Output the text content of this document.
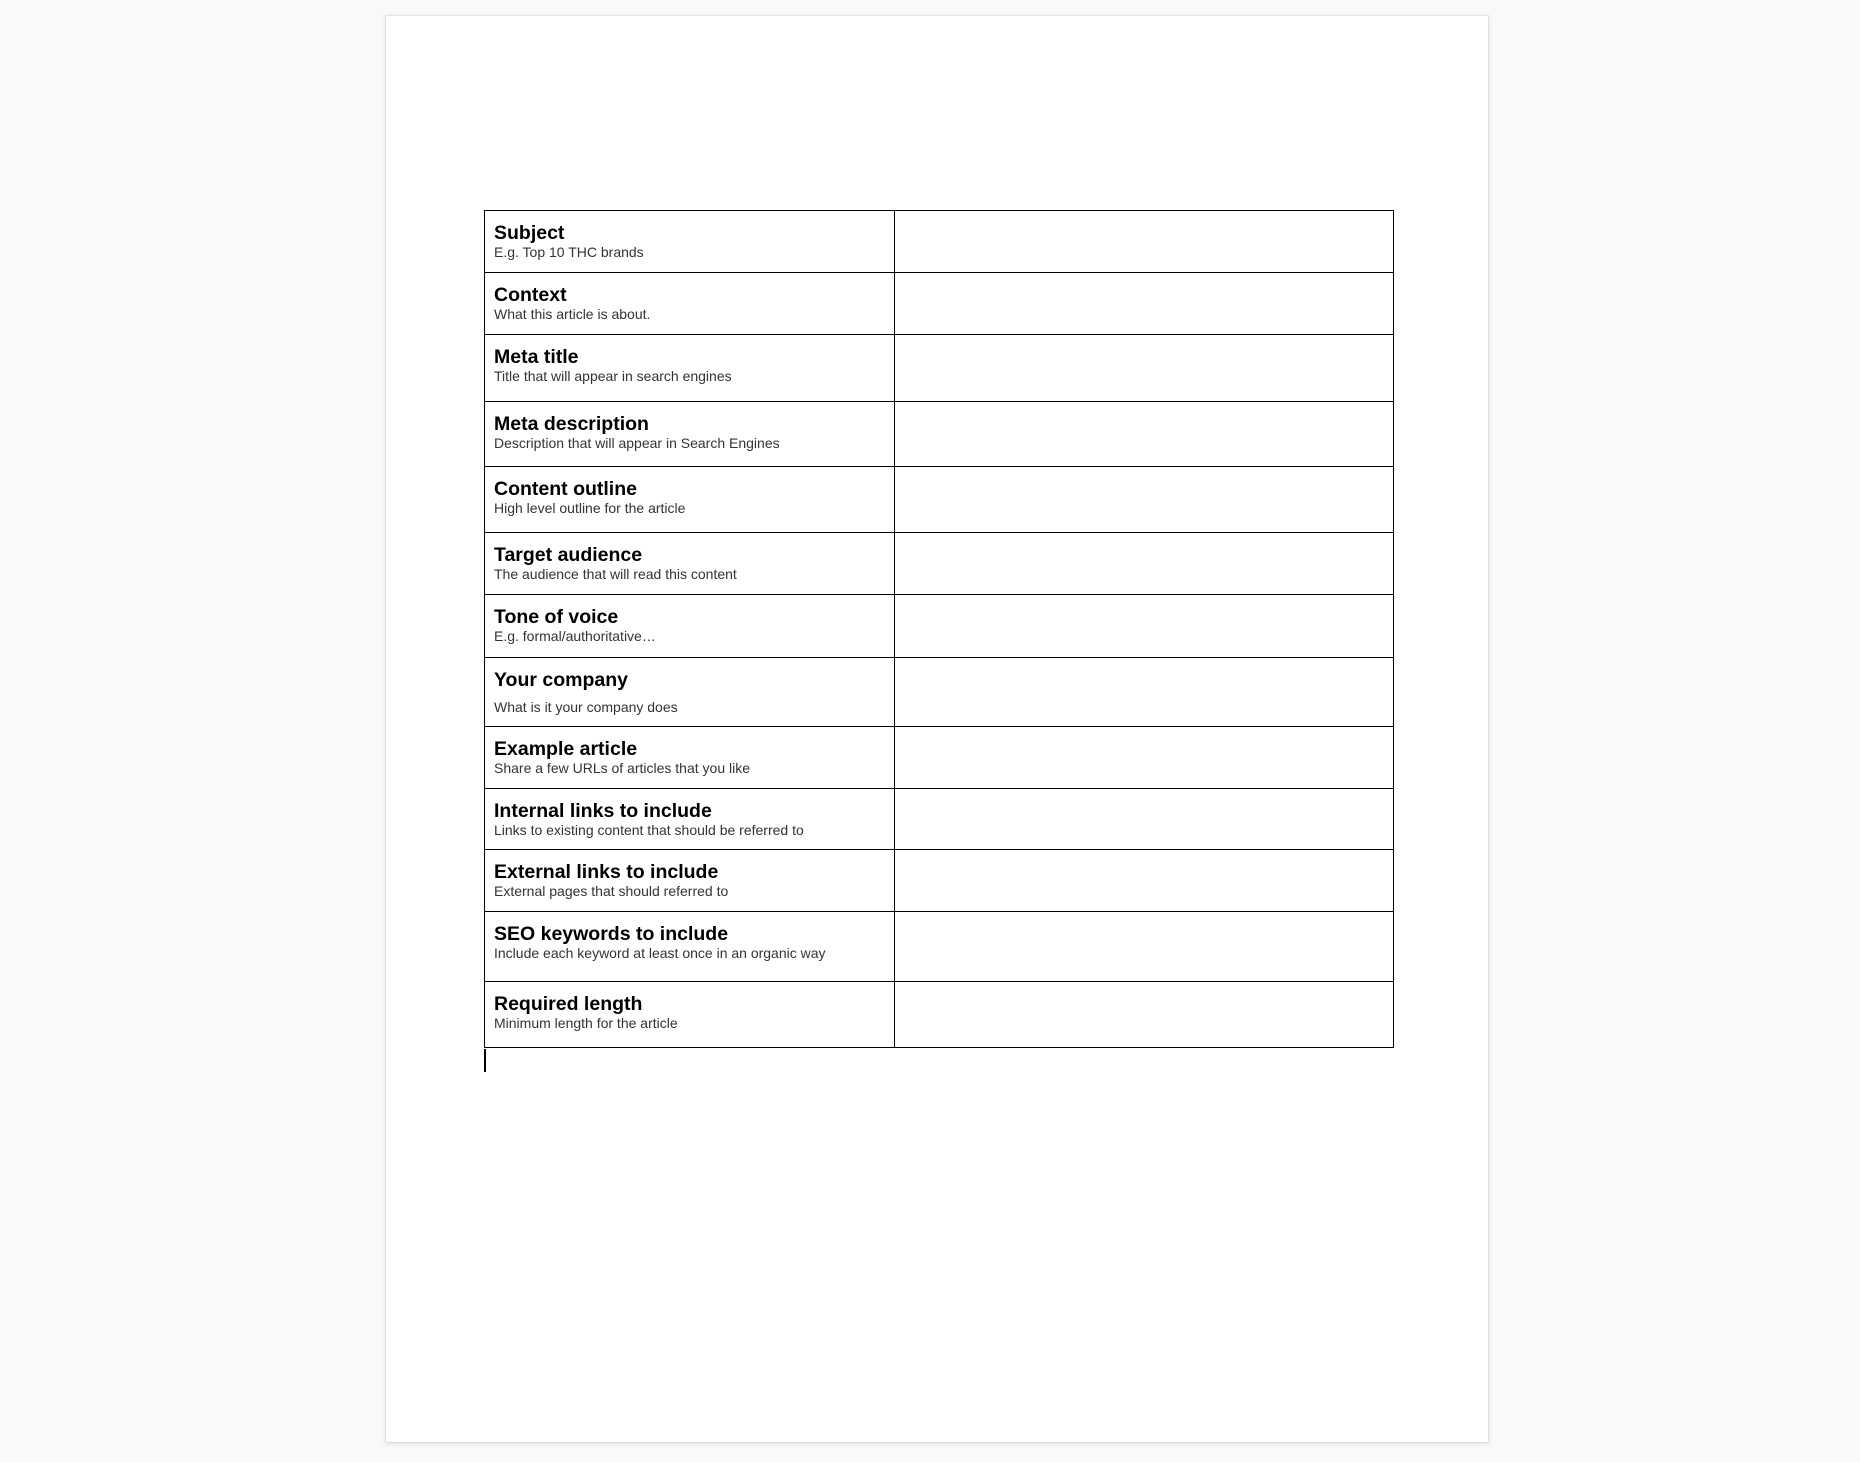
Subject
E.g. Top 10 THC brands	

Context
What this article is about.	

Meta title
Title that will appear in search engines	

Meta description
Description that will appear in Search Engines	

Content outline
High level outline for the article	

Target audience
The audience that will read this content	

Tone of voice
E.g. formal/authoritative…	

Your company
What is it your company does	

Example article
Share a few URLs of articles that you like	

Internal links to include
Links to existing content that should be referred to	

External links to include
External pages that should referred to	

SEO keywords to include
Include each keyword at least once in an organic way	

Required length
Minimum length for the article	
